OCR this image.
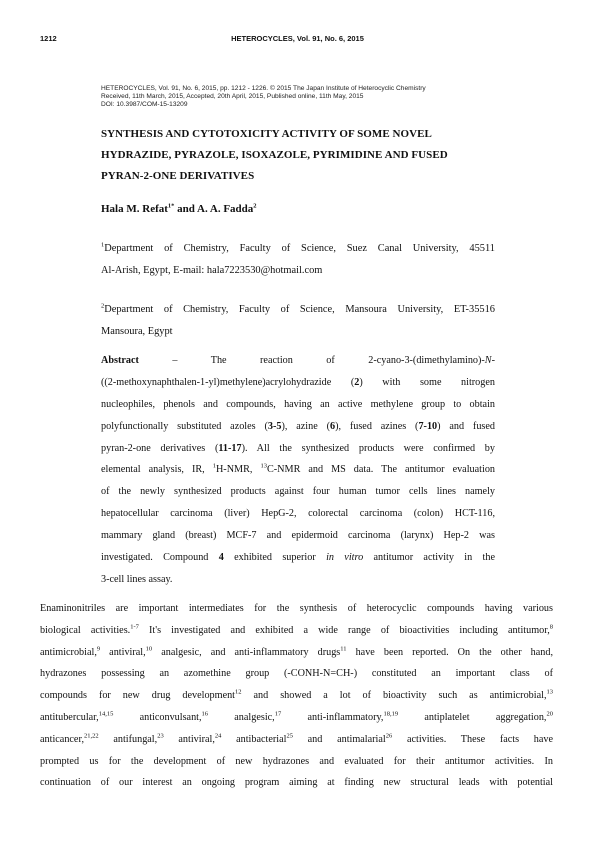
1212	HETEROCYCLES, Vol. 91, No. 6, 2015
HETEROCYCLES, Vol. 91, No. 6, 2015, pp. 1212 - 1226. © 2015 The Japan Institute of Heterocyclic Chemistry
Received, 11th March, 2015, Accepted, 20th April, 2015, Published online, 11th May, 2015
DOI: 10.3987/COM-15-13209
SYNTHESIS AND CYTOTOXICITY ACTIVITY OF SOME NOVEL
HYDRAZIDE, PYRAZOLE, ISOXAZOLE, PYRIMIDINE AND FUSED
PYRAN-2-ONE DERIVATIVES
Hala M. Refat$^{1*}$ and A. A. Fadda$^2$
$^1$Department of Chemistry, Faculty of Science, Suez Canal University, 45511
Al-Arish, Egypt, E-mail: hala7223530@hotmail.com
$^2$Department of Chemistry, Faculty of Science, Mansoura University, ET-35516
Mansoura, Egypt
Abstract – The reaction of 2-cyano-3-(dimethylamino)-N-
((2-methoxynaphthalen-1-yl)methylene)acrylohydrazide (2) with some nitrogen
nucleophiles, phenols and compounds, having an active methylene group to obtain
polyfunctionally substituted azoles (3-5), azine (6), fused azines (7-10) and fused
pyran-2-one derivatives (11-17). All the synthesized products were confirmed by
elemental analysis, IR, $^1$H-NMR, $^{13}$C-NMR and MS data. The antitumor evaluation
of the newly synthesized products against four human tumor cells lines namely
hepatocellular carcinoma (liver) HepG-2, colorectal carcinoma (colon) HCT-116,
mammary gland (breast) MCF-7 and epidermoid carcinoma (larynx) Hep-2 was
investigated. Compound 4 exhibited superior in vitro antitumor activity in the
3-cell lines assay.
Enaminonitriles are important intermediates for the synthesis of heterocyclic compounds having various
biological activities.$^{1-7}$ It's investigated and exhibited a wide range of bioactivities including antitumor,$^8$
antimicrobial,$^9$ antiviral,$^{10}$ analgesic, and anti-inflammatory drugs$^{11}$ have been reported. On the other hand,
hydrazones possessing an azomethine group (-CONH-N=CH-) constituted an important class of
compounds for new drug development$^{12}$ and showed a lot of bioactivity such as antimicrobial,$^{13}$
antitubercular,$^{14,15}$ anticonvulsant,$^{16}$ analgesic,$^{17}$ anti-inflammatory,$^{18,19}$ antiplatelet aggregation,$^{20}$
anticancer,$^{21,22}$ antifungal,$^{23}$ antiviral,$^{24}$ antibacterial$^{25}$ and antimalarial$^{26}$ activities. These facts have
prompted us for the development of new hydrazones and evaluated for their antitumor activities. In
continuation of our interest an ongoing program aiming at finding new structural leads with potential
